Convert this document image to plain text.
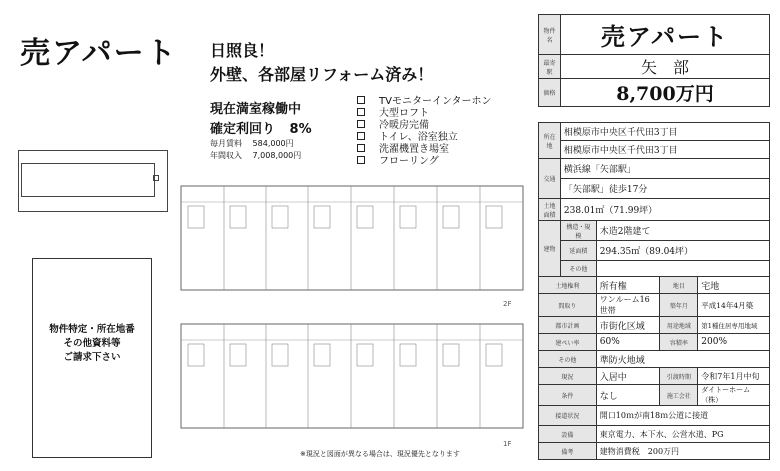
売アパート 日照良！
外壁、各部屋リフォーム済み！
現在満室稼働中
確定利回り 8%
毎月賃料 584,000円
年間収入 7,008,000円
TVモニターインターホン
大型ロフト
冷暖房完備
トイレ、浴室独立
洗濯機置き場室
フローリング
物件特定・所在地番
その他資料等
ご請求下さい
2F
1F
※現況と図面が異なる場合は、現況優先となります
物件名	売アパート
最寄駅	矢　部
価格	8,700万円
所在地	相模原市中央区千代田3丁目			
	相模原市中央区千代田3丁目			
交通	横浜線「矢部駅」			
	「矢部駅」徒歩17分			
土地面積	238.01㎡（71.99坪）			
建物	構造・規模	木造2階建て		
	延面積	294.35㎡（89.04坪）		
	その他			
土地権利		所有権	地目	宅地
間取り		ワンルーム16世帯	築年月	平成14年4月築
都市計画		市街化区域	用途地域	第1種住居専用地域
建ぺい率		60%	容積率	200%
その他		準防火地域		
現況		入居中	引渡時期	令和7年1月中旬
条件		なし	施工会社	ダイトーホーム（株）
接道状況		開口10ｍが南18ｍ公道に接道		
設備		東京電力、本下水、公営水道、PG		
備考		建物消費税　200万円		
